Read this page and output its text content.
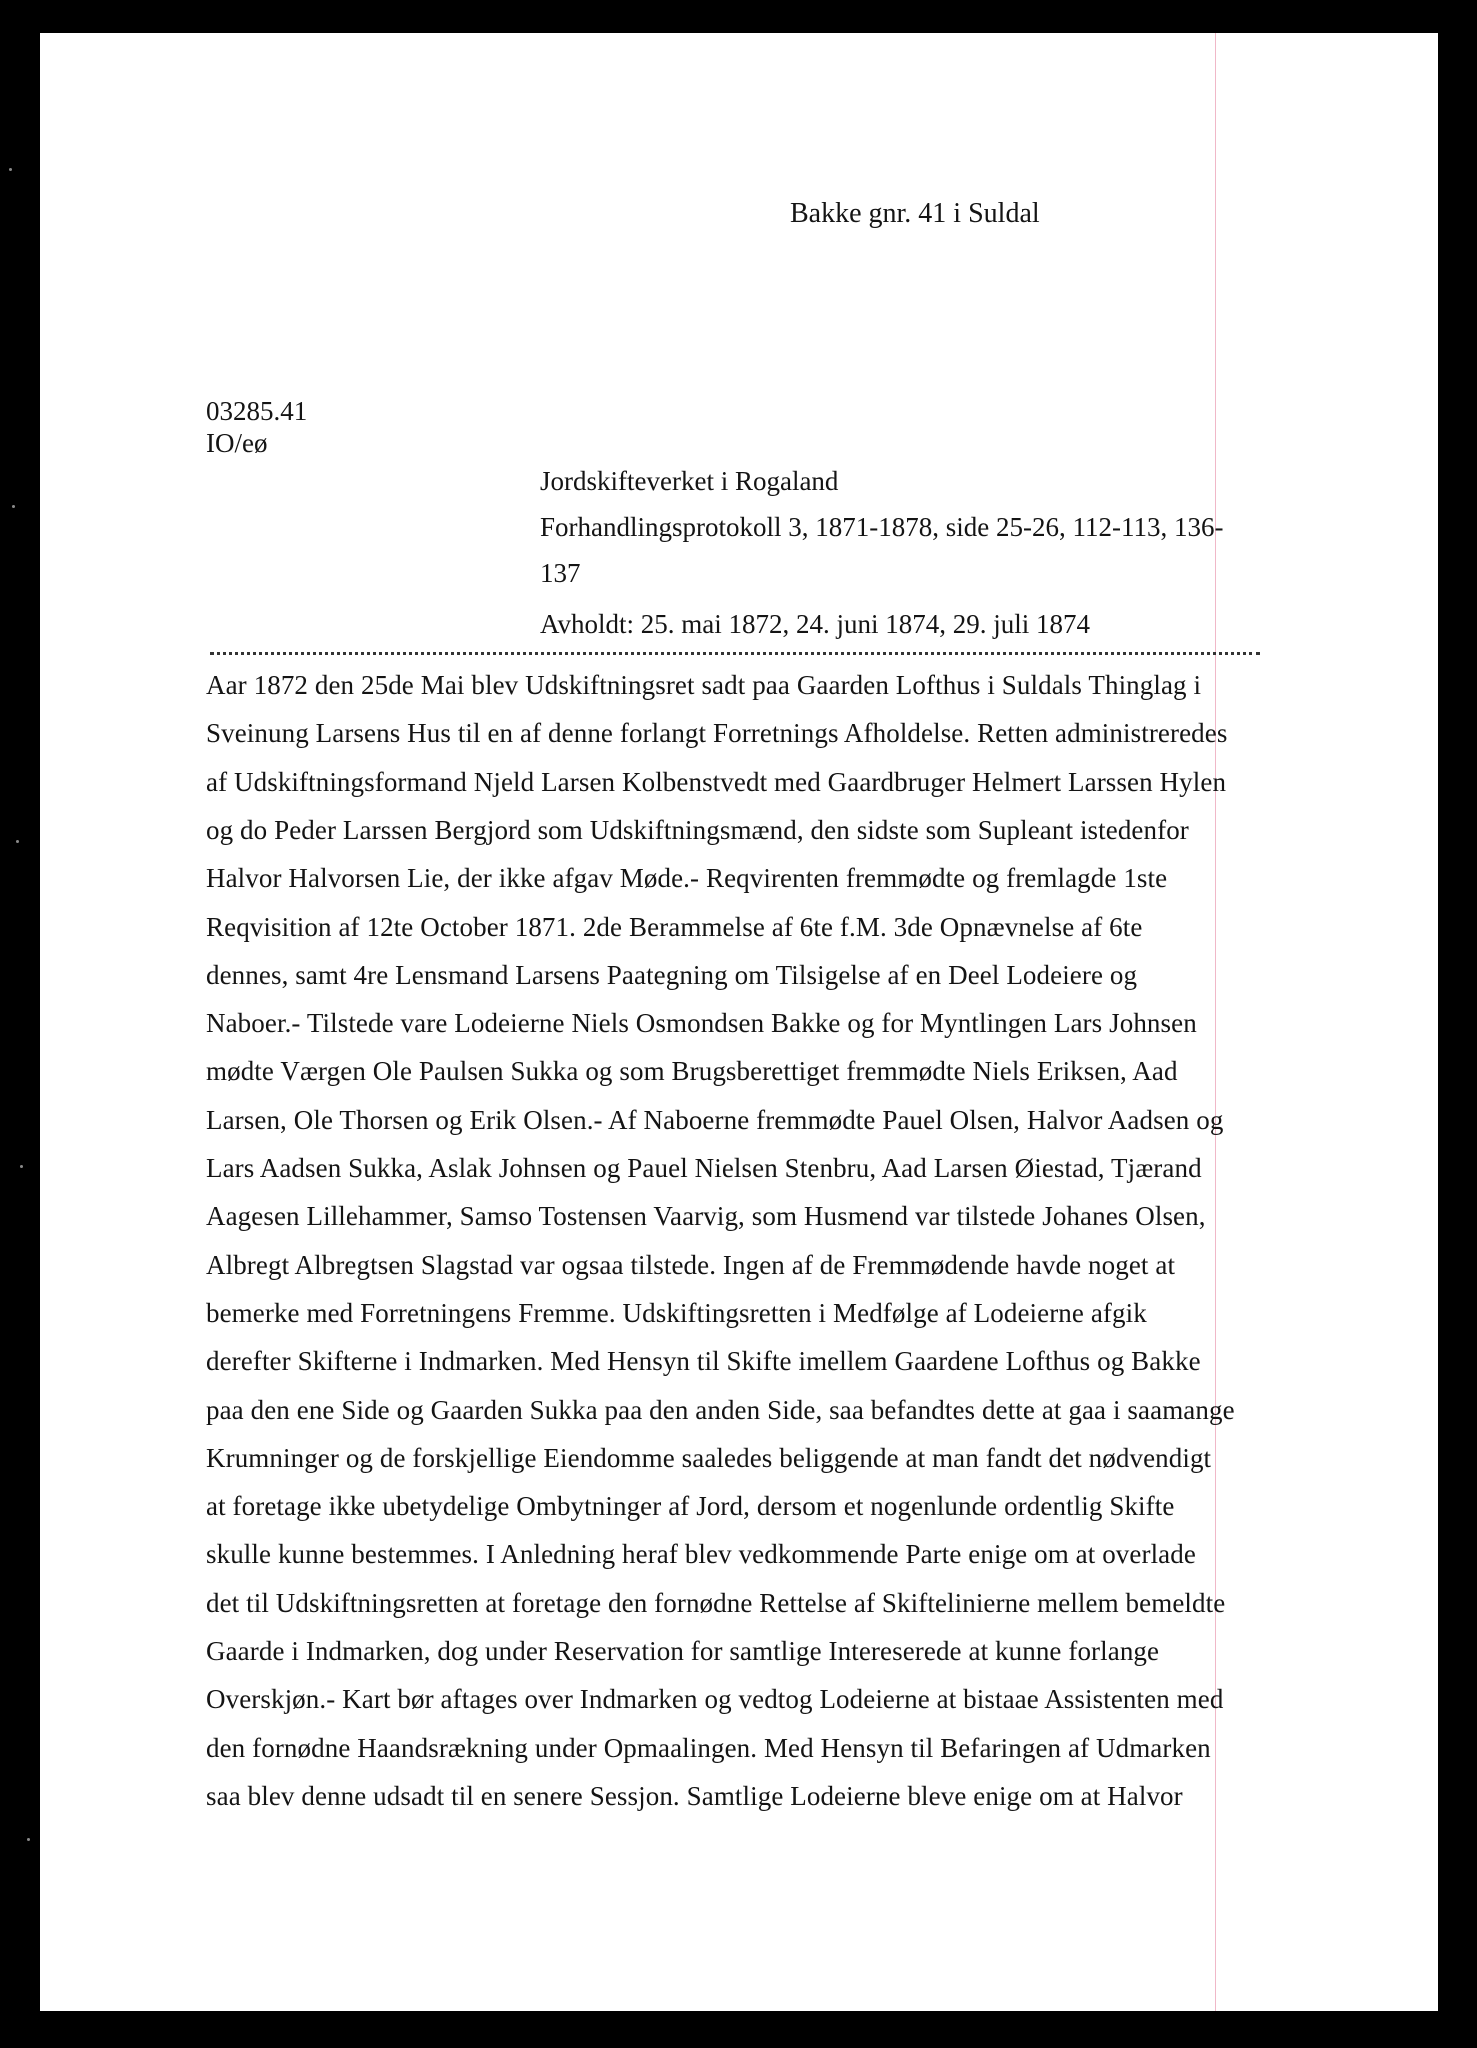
Bakke gnr. 41 i Suldal
03285.41
IO/eø
Jordskifteverket i Rogaland
Forhandlingsprotokoll 3, 1871-1878, side 25-26, 112-113, 136-
137
Avholdt: 25. mai 1872, 24. juni 1874, 29. juli 1874
Aar 1872 den 25de Mai blev Udskiftningsret sadt paa Gaarden Lofthus i Suldals Thinglag i
Sveinung Larsens Hus til en af denne forlangt Forretnings Afholdelse. Retten administreredes
af Udskiftningsformand Njeld Larsen Kolbenstvedt med Gaardbruger Helmert Larssen Hylen
og do Peder Larssen Bergjord som Udskiftningsmænd, den sidste som Supleant istedenfor
Halvor Halvorsen Lie, der ikke afgav Møde.- Reqvirenten fremmødte og fremlagde 1ste
Reqvisition af 12te October 1871. 2de Berammelse af 6te f.M. 3de Opnævnelse af 6te
dennes, samt 4re Lensmand Larsens Paategning om Tilsigelse af en Deel Lodeiere og
Naboer.- Tilstede vare Lodeierne Niels Osmondsen Bakke og for Myntlingen Lars Johnsen
mødte Værgen Ole Paulsen Sukka og som Brugsberettiget fremmødte Niels Eriksen, Aad
Larsen, Ole Thorsen og Erik Olsen.- Af Naboerne fremmødte Pauel Olsen, Halvor Aadsen og
Lars Aadsen Sukka, Aslak Johnsen og Pauel Nielsen Stenbru, Aad Larsen Øiestad, Tjærand
Aagesen Lillehammer, Samso Tostensen Vaarvig, som Husmend var tilstede Johanes Olsen,
Albregt Albregtsen Slagstad var ogsaa tilstede. Ingen af de Fremmødende havde noget at
bemerke med Forretningens Fremme. Udskiftingsretten i Medfølge af Lodeierne afgik
derefter Skifterne i Indmarken. Med Hensyn til Skifte imellem Gaardene Lofthus og Bakke
paa den ene Side og Gaarden Sukka paa den anden Side, saa befandtes dette at gaa i saamange
Krumninger og de forskjellige Eiendomme saaledes beliggende at man fandt det nødvendigt
at foretage ikke ubetydelige Ombytninger af Jord, dersom et nogenlunde ordentlig Skifte
skulle kunne bestemmes. I Anledning heraf blev vedkommende Parte enige om at overlade
det til Udskiftningsretten at foretage den fornødne Rettelse af Skiftelinierne mellem bemeldte
Gaarde i Indmarken, dog under Reservation for samtlige Intereserede at kunne forlange
Overskjøn.- Kart bør aftages over Indmarken og vedtog Lodeierne at bistaae Assistenten med
den fornødne Haandsrækning under Opmaalingen. Med Hensyn til Befaringen af Udmarken
saa blev denne udsadt til en senere Sessjon. Samtlige Lodeierne bleve enige om at Halvor
